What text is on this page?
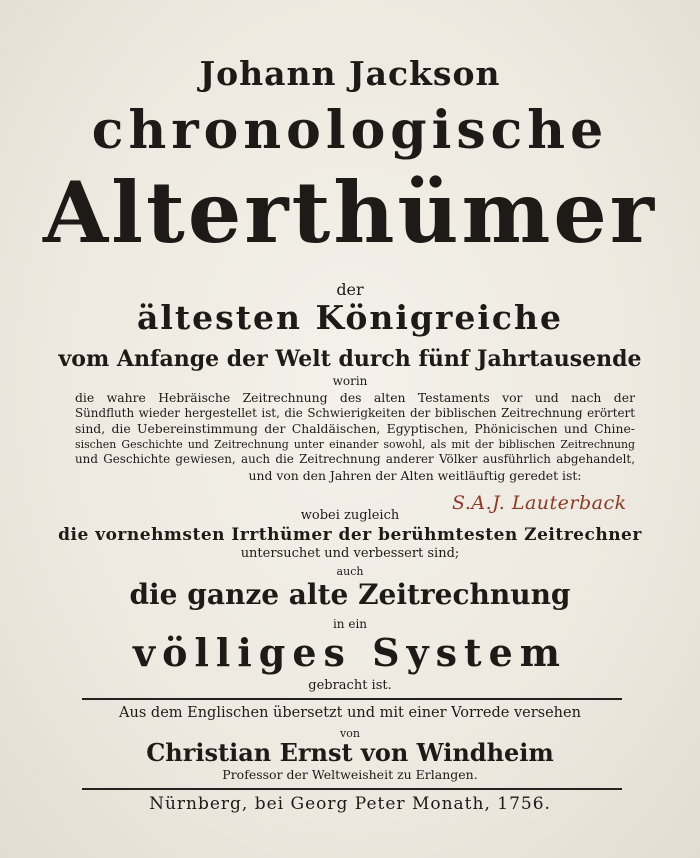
Johann Jackson
chronologische
Alterthümer
der
ältesten Königreiche
vom Anfange der Welt durch fünf Jahrtausende
worin
die wahre Hebräische Zeitrechnung des alten Testaments vor und nach der
Sündfluth wieder hergestellet ist, die Schwierigkeiten der biblischen Zeitrechnung erörtert
sind, die Uebereinstimmung der Chaldäischen, Egyptischen, Phönicischen und Chine-
sischen Geschichte und Zeitrechnung unter einander sowohl, als mit der biblischen Zeitrechnung
und Geschichte gewiesen, auch die Zeitrechnung anderer Völker ausführlich abgehandelt,
und von den Jahren der Alten weitläuftig geredet ist:
S.A.J. Lauterback
wobei zugleich
die vornehmsten Irrthümer der berühmtesten Zeitrechner
untersuchet und verbessert sind;
auch
die ganze alte Zeitrechnung
in ein
völliges System
gebracht ist.
Aus dem Englischen übersetzt und mit einer Vorrede versehen
von
Christian Ernst von Windheim
Professor der Weltweisheit zu Erlangen.
Nürnberg, bei Georg Peter Monath, 1756.
